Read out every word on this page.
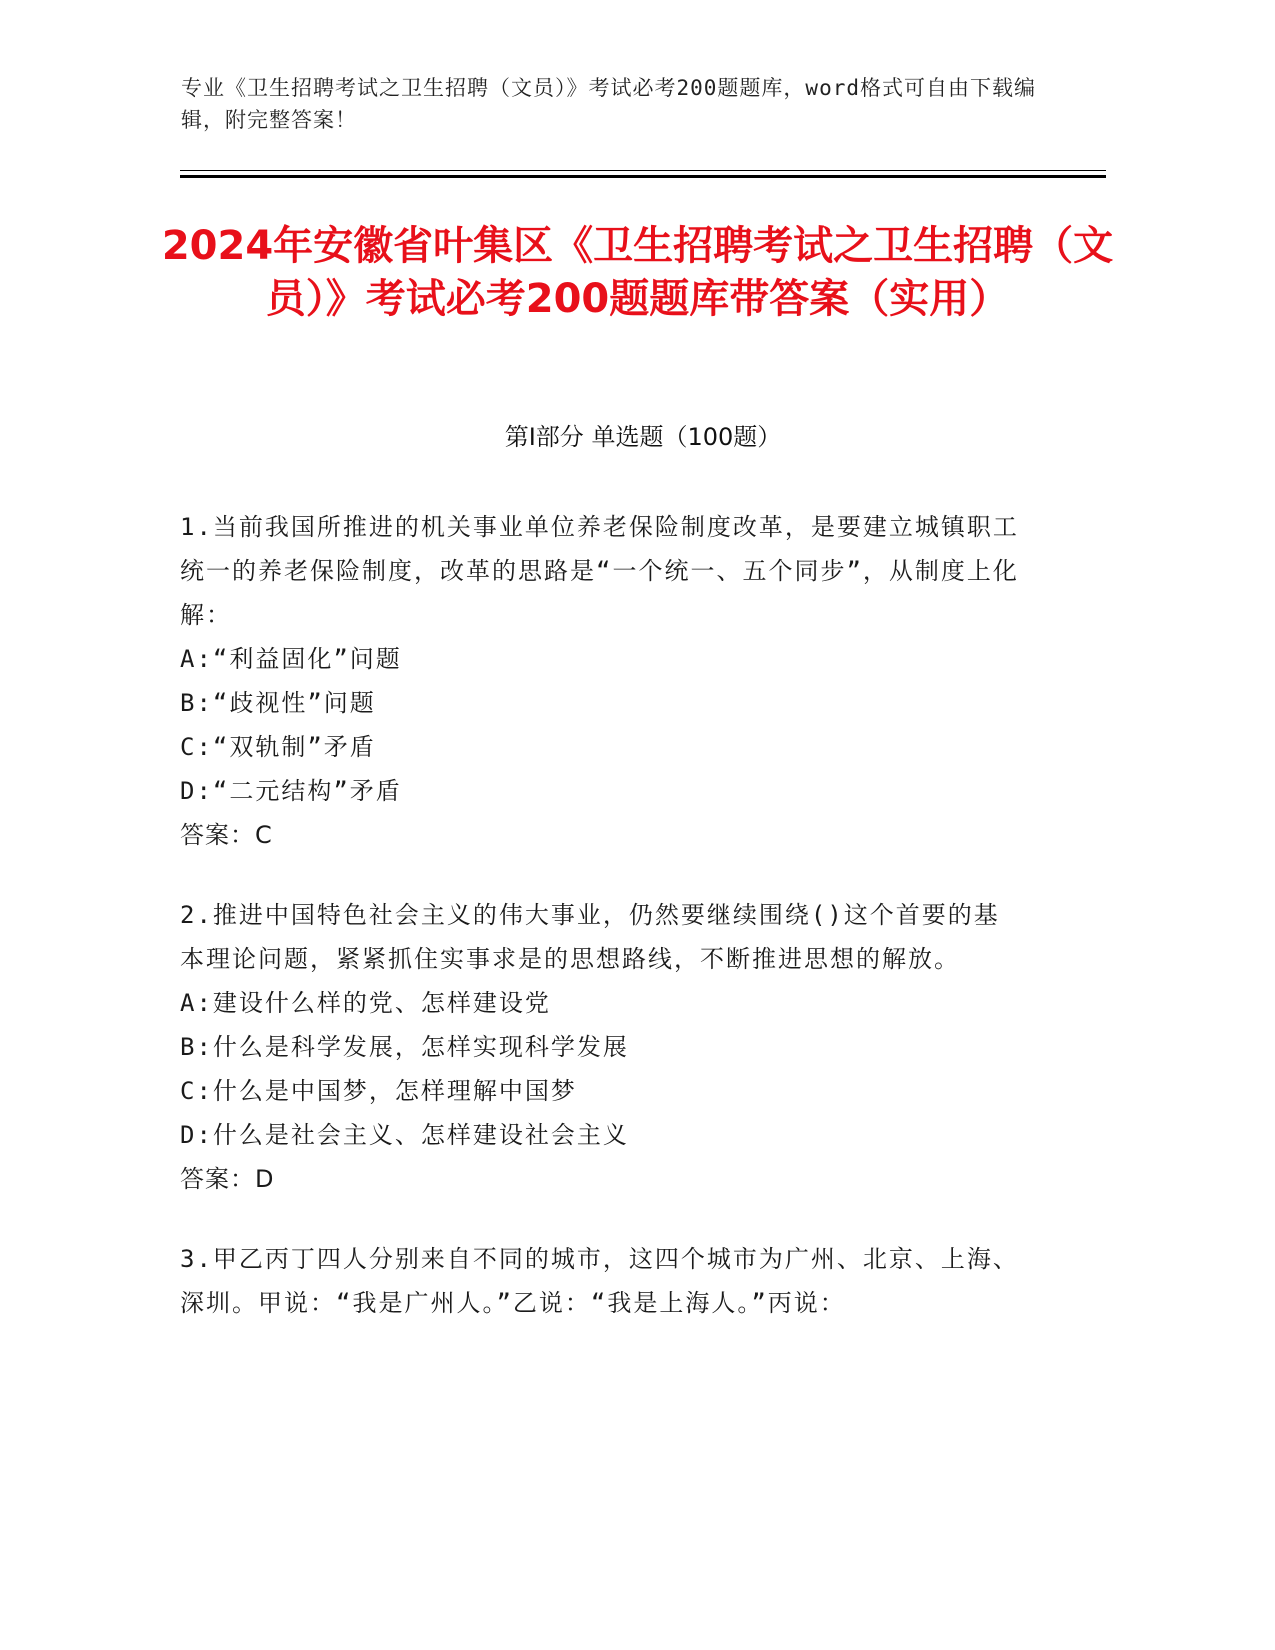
专业《卫生招聘考试之卫生招聘（文员）》考试必考200题题库，word格式可自由下载编辑，附完整答案！
2024年安徽省叶集区《卫生招聘考试之卫生招聘（文员）》考试必考200题题库带答案（实用）
第Ⅰ部分 单选题（100题）

1.当前我国所推进的机关事业单位养老保险制度改革，是要建立城镇职工统一的养老保险制度，改革的思路是“一个统一、五个同步”，从制度上化解：

A:“利益固化”问题
B:“歧视性”问题
C:“双轨制”矛盾
D:“二元结构”矛盾

答案：C

2.推进中国特色社会主义的伟大事业，仍然要继续围绕()这个首要的基本理论问题，紧紧抓住实事求是的思想路线，不断推进思想的解放。

A:建设什么样的党、怎样建设党
B:什么是科学发展，怎样实现科学发展
C:什么是中国梦，怎样理解中国梦
D:什么是社会主义、怎样建设社会主义

答案：D

3.甲乙丙丁四人分别来自不同的城市，这四个城市为广州、北京、上海、深圳。甲说：“我是广州人。”乙说：“我是上海人。”丙说：
